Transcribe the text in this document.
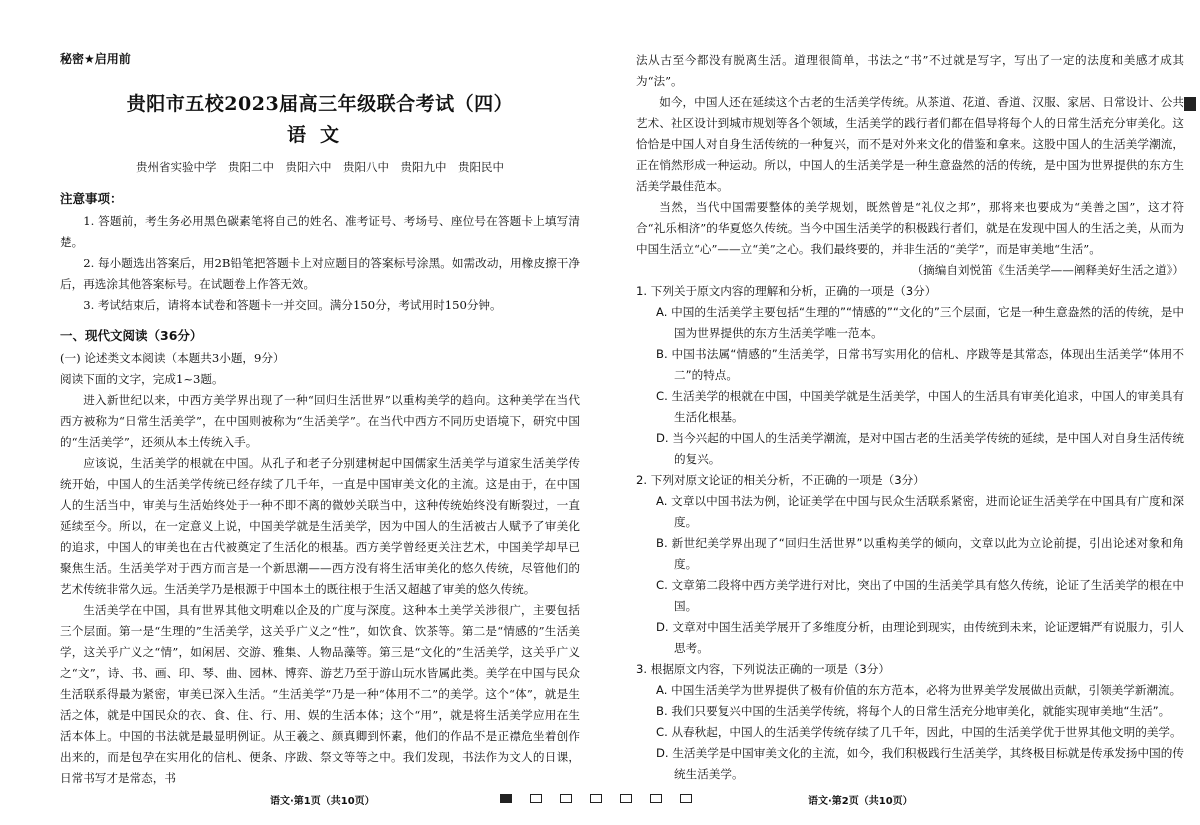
秘密★启用前

贵阳市五校2023届高三年级联合考试（四）

语文

贵州省实验中学　贵阳二中　贵阳六中　贵阳八中　贵阳九中　贵阳民中

注意事项：

1. 答题前，考生务必用黑色碳素笔将自己的姓名、准考证号、考场号、座位号在答题卡上填写清楚。

2. 每小题选出答案后，用2B铅笔把答题卡上对应题目的答案标号涂黑。如需改动，用橡皮擦干净后，再选涂其他答案标号。在试题卷上作答无效。

3. 考试结束后，请将本试卷和答题卡一并交回。满分150分，考试用时150分钟。

一、现代文阅读（36分）

(一) 论述类文本阅读（本题共3小题，9分）

阅读下面的文字，完成1~3题。

进入新世纪以来，中西方美学界出现了一种“回归生活世界”以重构美学的趋向。这种美学在当代西方被称为“日常生活美学”，在中国则被称为“生活美学”。在当代中西方不同历史语境下，研究中国的“生活美学”，还须从本土传统入手。

应该说，生活美学的根就在中国。从孔子和老子分别建树起中国儒家生活美学与道家生活美学传统开始，中国人的生活美学传统已经存续了几千年，一直是中国审美文化的主流。这是由于，在中国人的生活当中，审美与生活始终处于一种不即不离的微妙关联当中，这种传统始终没有断裂过，一直延续至今。所以，在一定意义上说，中国美学就是生活美学，因为中国人的生活被古人赋予了审美化的追求，中国人的审美也在古代被奠定了生活化的根基。西方美学曾经更关注艺术，中国美学却早已聚焦生活。生活美学对于西方而言是一个新思潮——西方没有将生活审美化的悠久传统，尽管他们的艺术传统非常久远。生活美学乃是根源于中国本土的既往根于生活又超越了审美的悠久传统。

生活美学在中国，具有世界其他文明难以企及的广度与深度。这种本土美学关涉很广，主要包括三个层面。第一是“生理的”生活美学，这关乎广义之“性”，如饮食、饮茶等。第二是“情感的”生活美学，这关乎广义之“情”，如闲居、交游、雅集、人物品藻等。第三是“文化的”生活美学，这关乎广义之“文”，诗、书、画、印、琴、曲、园林、博弈、游艺乃至于游山玩水皆属此类。美学在中国与民众生活联系得最为紧密，审美已深入生活。“生活美学”乃是一种“体用不二”的美学。这个“体”，就是生活之体，就是中国民众的衣、食、住、行、用、娱的生活本体；这个“用”，就是将生活美学应用在生活本体上。中国的书法就是最显明例证。从王羲之、颜真卿到怀素，他们的作品不是正襟危坐着创作出来的，而是包孕在实用化的信札、便条、序跋、祭文等等之中。我们发现，书法作为文人的日课，日常书写才是常态，书

语文·第1页（共10页）

法从古至今都没有脱离生活。道理很简单，书法之“书”不过就是写字，写出了一定的法度和美感才成其为“法”。

如今，中国人还在延续这个古老的生活美学传统。从茶道、花道、香道、汉服、家居、日常设计、公共艺术、社区设计到城市规划等各个领域，生活美学的践行者们都在倡导将每个人的日常生活充分审美化。这恰恰是中国人对自身生活传统的一种复兴，而不是对外来文化的借鉴和拿来。这股中国人的生活美学潮流，正在悄然形成一种运动。所以，中国人的生活美学是一种生意盎然的活的传统，是中国为世界提供的东方生活美学最佳范本。

当然，当代中国需要整体的美学规划，既然曾是“礼仪之邦”，那将来也要成为“美善之国”，这才符合“礼乐相济”的华夏悠久传统。当今中国生活美学的积极践行者们，就是在发现中国人的生活之美，从而为中国生活立“心”——立“美”之心。我们最终要的，并非生活的“美学”，而是审美地“生活”。

（摘编自刘悦笛《生活美学——阐释美好生活之道》）

1. 下列关于原文内容的理解和分析，正确的一项是（3分）

A. 中国的生活美学主要包括“生理的”“情感的”“文化的”三个层面，它是一种生意盎然的活的传统，是中国为世界提供的东方生活美学唯一范本。

B. 中国书法属“情感的”生活美学，日常书写实用化的信札、序跋等是其常态，体现出生活美学“体用不二”的特点。

C. 生活美学的根就在中国，中国美学就是生活美学，中国人的生活具有审美化追求，中国人的审美具有生活化根基。

D. 当今兴起的中国人的生活美学潮流，是对中国古老的生活美学传统的延续，是中国人对自身生活传统的复兴。

2. 下列对原文论证的相关分析，不正确的一项是（3分）

A. 文章以中国书法为例，论证美学在中国与民众生活联系紧密，进而论证生活美学在中国具有广度和深度。

B. 新世纪美学界出现了“回归生活世界”以重构美学的倾向，文章以此为立论前提，引出论述对象和角度。

C. 文章第二段将中西方美学进行对比，突出了中国的生活美学具有悠久传统，论证了生活美学的根在中国。

D. 文章对中国生活美学展开了多维度分析，由理论到现实，由传统到未来，论证逻辑严有说服力，引人思考。

3. 根据原文内容，下列说法正确的一项是（3分）

A. 中国生活美学为世界提供了极有价值的东方范本，必将为世界美学发展做出贡献，引领美学新潮流。

B. 我们只要复兴中国的生活美学传统，将每个人的日常生活充分地审美化，就能实现审美地“生活”。

C. 从春秋起，中国人的生活美学传统存续了几千年，因此，中国的生活美学优于世界其他文明的美学。

D. 生活美学是中国审美文化的主流，如今，我们积极践行生活美学，其终极目标就是传承发扬中国的传统生活美学。

语文·第2页（共10页）
